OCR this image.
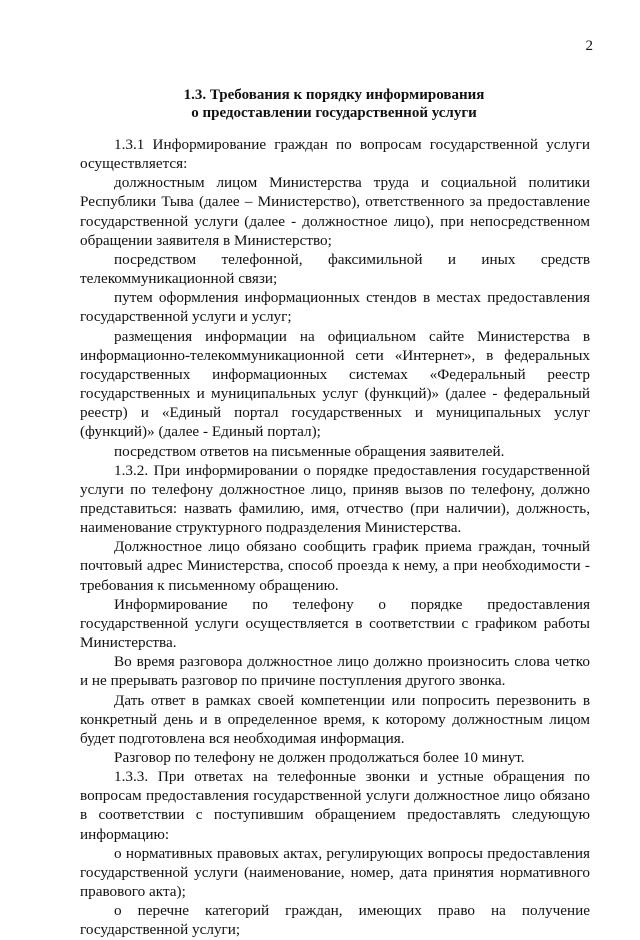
2
1.3. Требования к порядку информирования
о предоставлении государственной услуги

1.3.1 Информирование граждан по вопросам государственной услуги осуществляется:

должностным лицом Министерства труда и социальной политики Республики Тыва (далее – Министерство), ответственного за предоставление государственной услуги (далее - должностное лицо), при непосредственном обращении заявителя в Министерство;

посредством телефонной, факсимильной и иных средств телекоммуникационной связи;

путем оформления информационных стендов в местах предоставления государственной услуги и услуг;

размещения информации на официальном сайте Министерства в информационно-телекоммуникационной сети «Интернет», в федеральных государственных информационных системах «Федеральный реестр государственных и муниципальных услуг (функций)» (далее - федеральный реестр) и «Единый портал государственных и муниципальных услуг (функций)» (далее - Единый портал);

посредством ответов на письменные обращения заявителей.

1.3.2. При информировании о порядке предоставления государственной услуги по телефону должностное лицо, приняв вызов по телефону, должно представиться: назвать фамилию, имя, отчество (при наличии), должность, наименование структурного подразделения Министерства.

Должностное лицо обязано сообщить график приема граждан, точный почтовый адрес Министерства, способ проезда к нему, а при необходимости - требования к письменному обращению.

Информирование по телефону о порядке предоставления государственной услуги осуществляется в соответствии с графиком работы Министерства.

Во время разговора должностное лицо должно произносить слова четко и не прерывать разговор по причине поступления другого звонка.

Дать ответ в рамках своей компетенции или попросить перезвонить в конкретный день и в определенное время, к которому должностным лицом будет подготовлена вся необходимая информация.

Разговор по телефону не должен продолжаться более 10 минут.

1.3.3. При ответах на телефонные звонки и устные обращения по вопросам предоставления государственной услуги должностное лицо обязано в соответствии с поступившим обращением предоставлять следующую информацию:

о нормативных правовых актах, регулирующих вопросы предоставления государственной услуги (наименование, номер, дата принятия нормативного правового акта);

о перечне категорий граждан, имеющих право на получение государственной услуги;
